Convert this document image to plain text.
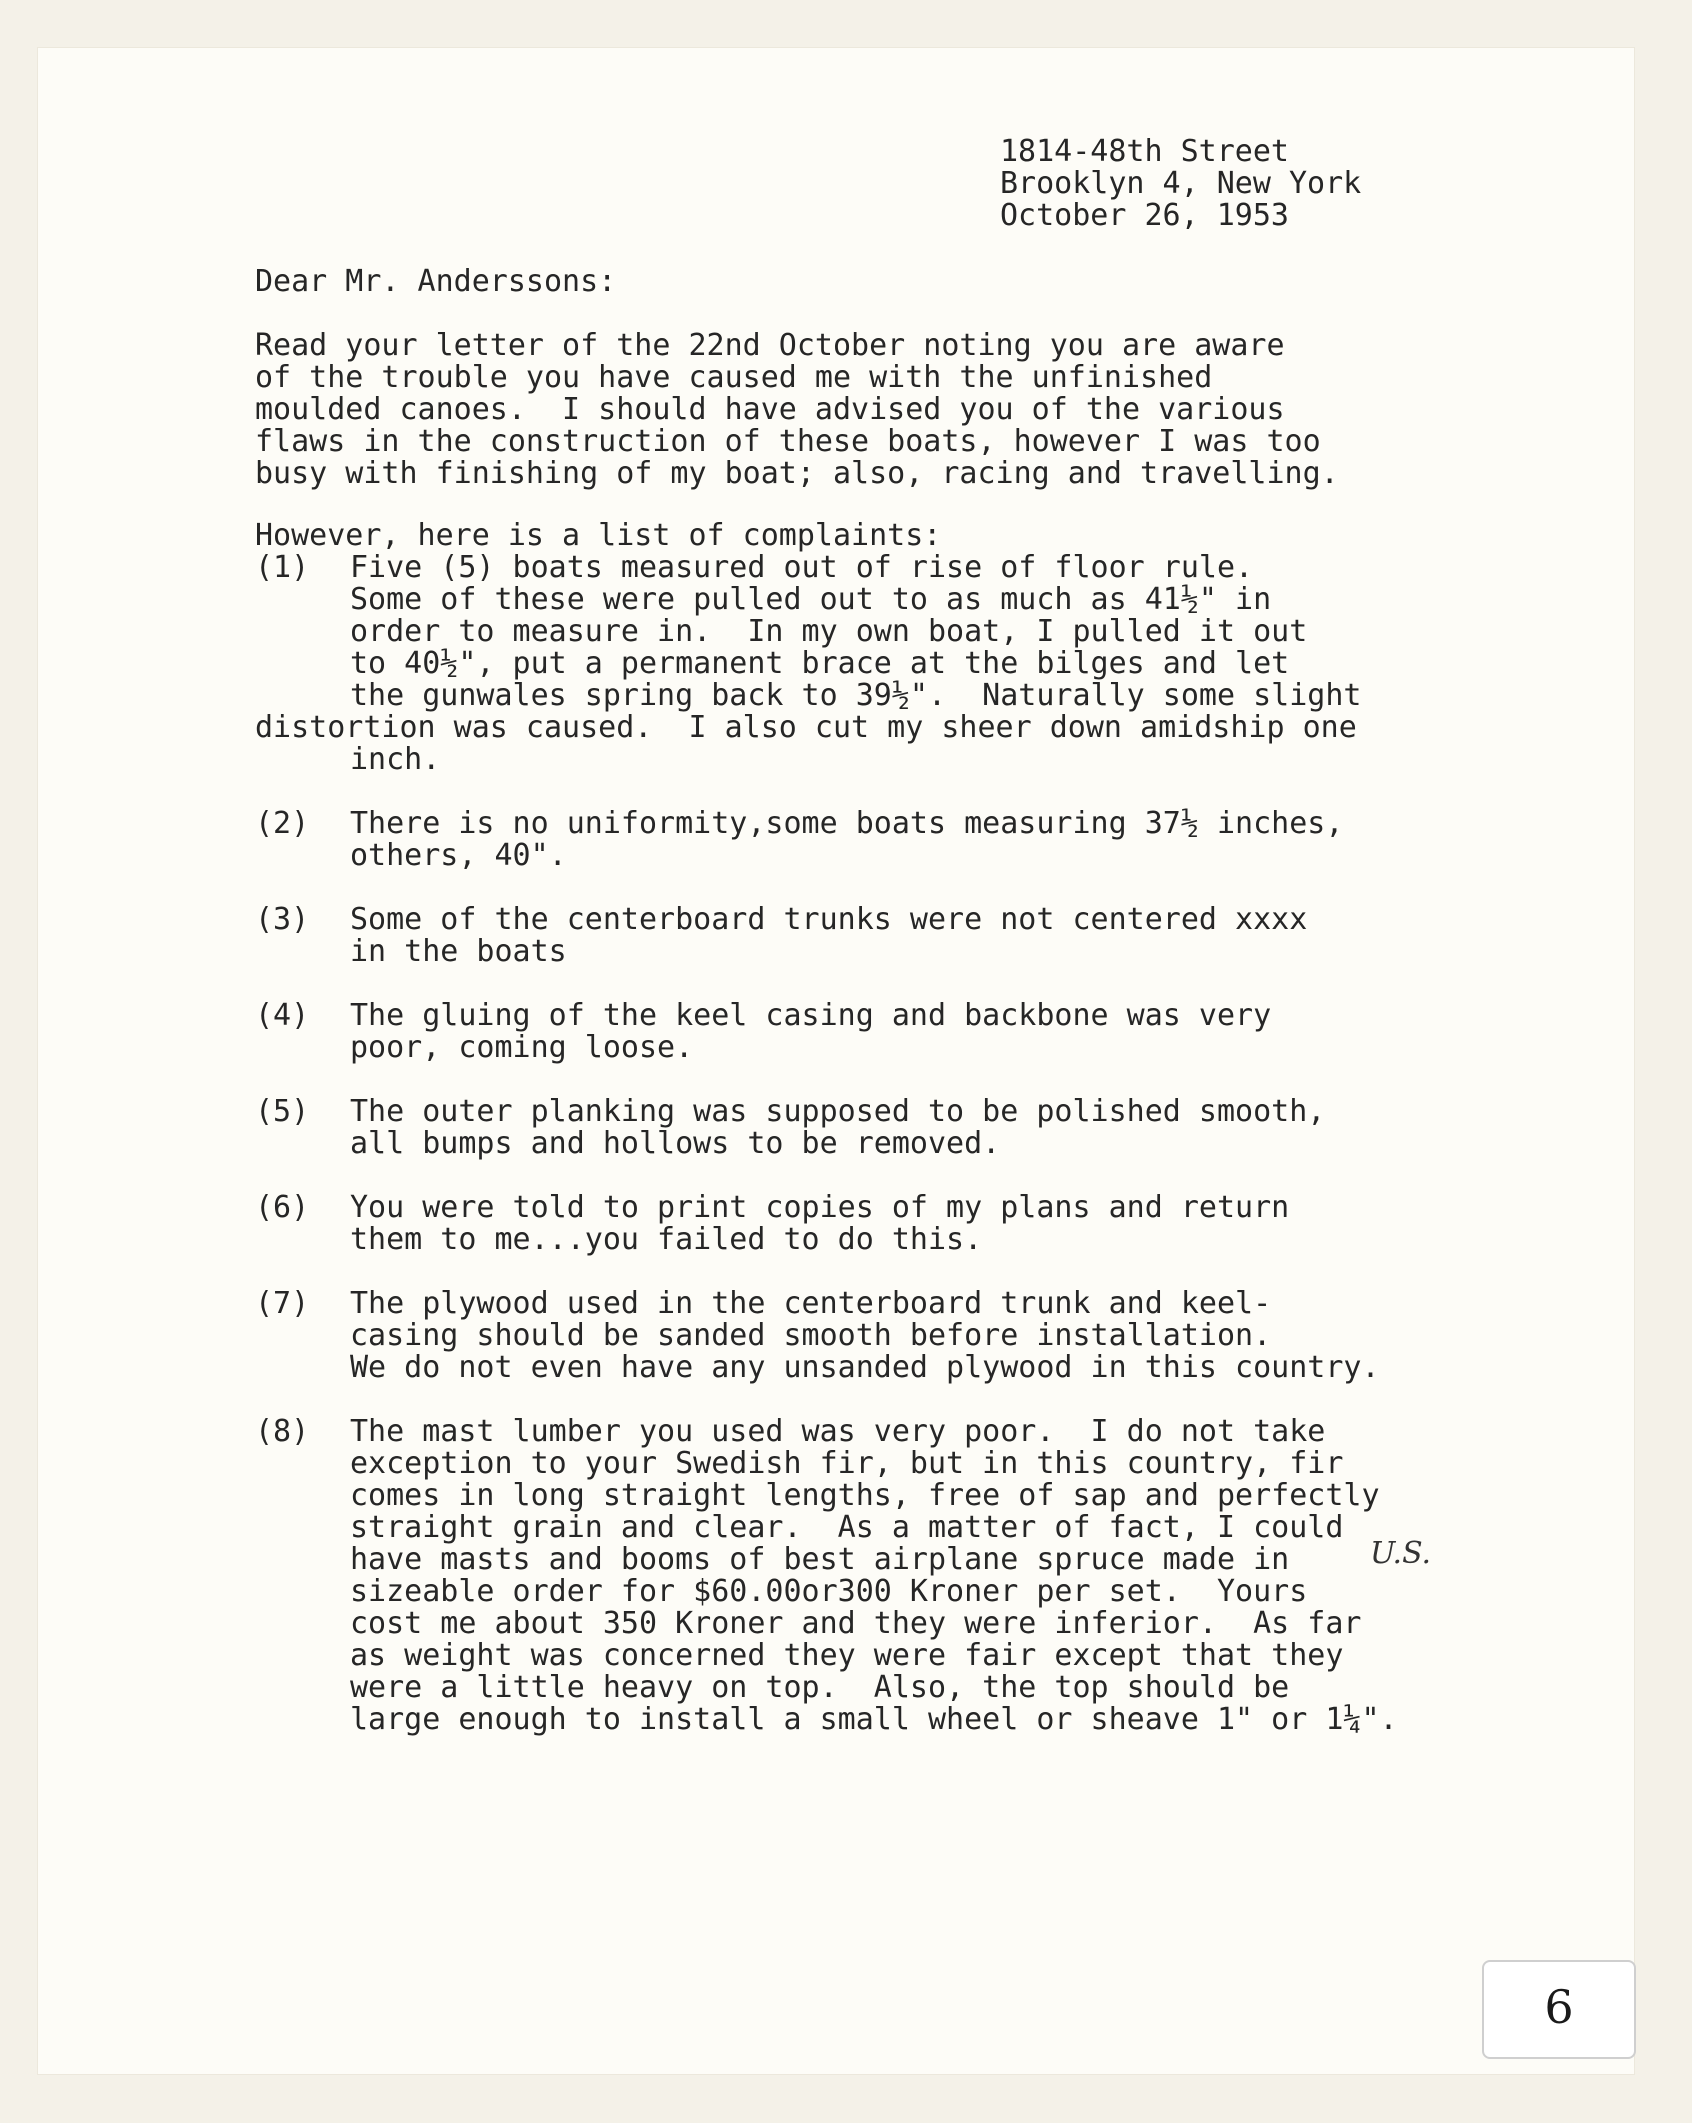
1814-48th Street
Brooklyn 4, New York
October 26, 1953
Dear Mr. Anderssons:
Read your letter of the 22nd October noting you are aware
of the trouble you have caused me with the unfinished
moulded canoes.  I should have advised you of the various
flaws in the construction of these boats, however I was too
busy with finishing of my boat; also, racing and travelling.
However, here is a list of complaints:
(1) Five (5) boats measured out of rise of floor rule.
Some of these were pulled out to as much as 41½" in
order to measure in.  In my own boat, I pulled it out
to 40½", put a permanent brace at the bilges and let
the gunwales spring back to 39½".  Naturally some slight
distortion was caused.  I also cut my sheer down amidship one
inch.
(2) There is no uniformity,some boats measuring 37½ inches,
others, 40".
(3) Some of the centerboard trunks were not centered xxxx
in the boats
(4) The gluing of the keel casing and backbone was very
poor, coming loose.
(5) The outer planking was supposed to be polished smooth,
all bumps and hollows to be removed.
(6) You were told to print copies of my plans and return
them to me...you failed to do this.
(7) The plywood used in the centerboard trunk and keel-
casing should be sanded smooth before installation.
We do not even have any unsanded plywood in this country.
(8) The mast lumber you used was very poor.  I do not take
exception to your Swedish fir, but in this country, fir
comes in long straight lengths, free of sap and perfectly
straight grain and clear.  As a matter of fact, I could
have masts and booms of best airplane spruce made in	U.S.
sizeable order for $60.00or300 Kroner per set.  Yours
cost me about 350 Kroner and they were inferior.  As far
as weight was concerned they were fair except that they
were a little heavy on top.  Also, the top should be
large enough to install a small wheel or sheave 1" or 1¼".
6
